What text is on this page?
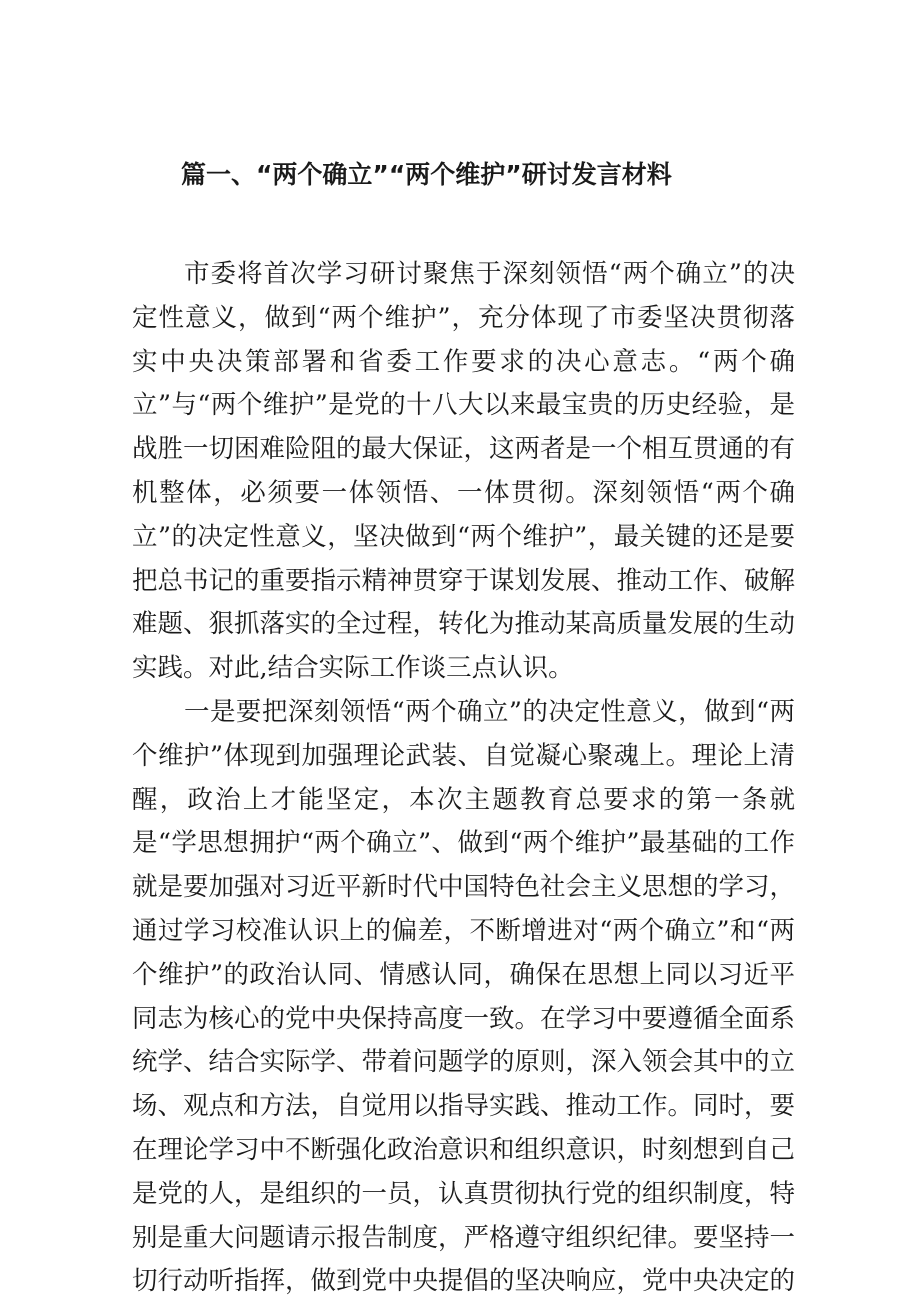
篇一、“两个确立”“两个维护”研讨发言材料

市委将首次学习研讨聚焦于深刻领悟“两个确立”的决定性意义，做到“两个维护”，充分体现了市委坚决贯彻落实中央决策部署和省委工作要求的决心意志。“两个确立”与“两个维护”是党的十八大以来最宝贵的历史经验，是战胜一切困难险阻的最大保证，这两者是一个相互贯通的有机整体，必须要一体领悟、一体贯彻。深刻领悟“两个确立”的决定性意义，坚决做到“两个维护”，最关键的还是要把总书记的重要指示精神贯穿于谋划发展、推动工作、破解难题、狠抓落实的全过程，转化为推动某高质量发展的生动实践。对此,结合实际工作谈三点认识。

一是要把深刻领悟“两个确立”的决定性意义，做到“两个维护”体现到加强理论武装、自觉凝心聚魂上。理论上清醒，政治上才能坚定，本次主题教育总要求的第一条就是“学思想拥护“两个确立”、做到“两个维护”最基础的工作就是要加强对习近平新时代中国特色社会主义思想的学习，通过学习校准认识上的偏差，不断增进对“两个确立”和“两个维护”的政治认同、情感认同，确保在思想上同以习近平同志为核心的党中央保持高度一致。在学习中要遵循全面系统学、结合实际学、带着问题学的原则，深入领会其中的立场、观点和方法，自觉用以指导实践、推动工作。同时，要在理论学习中不断强化政治意识和组织意识，时刻想到自己是党的人，是组织的一员，认真贯彻执行党的组织制度，特别是重大问题请示报告制度，严格遵守组织纪律。要坚持一切行动听指挥，做到党中央提倡的坚决响应，党中央决定的
